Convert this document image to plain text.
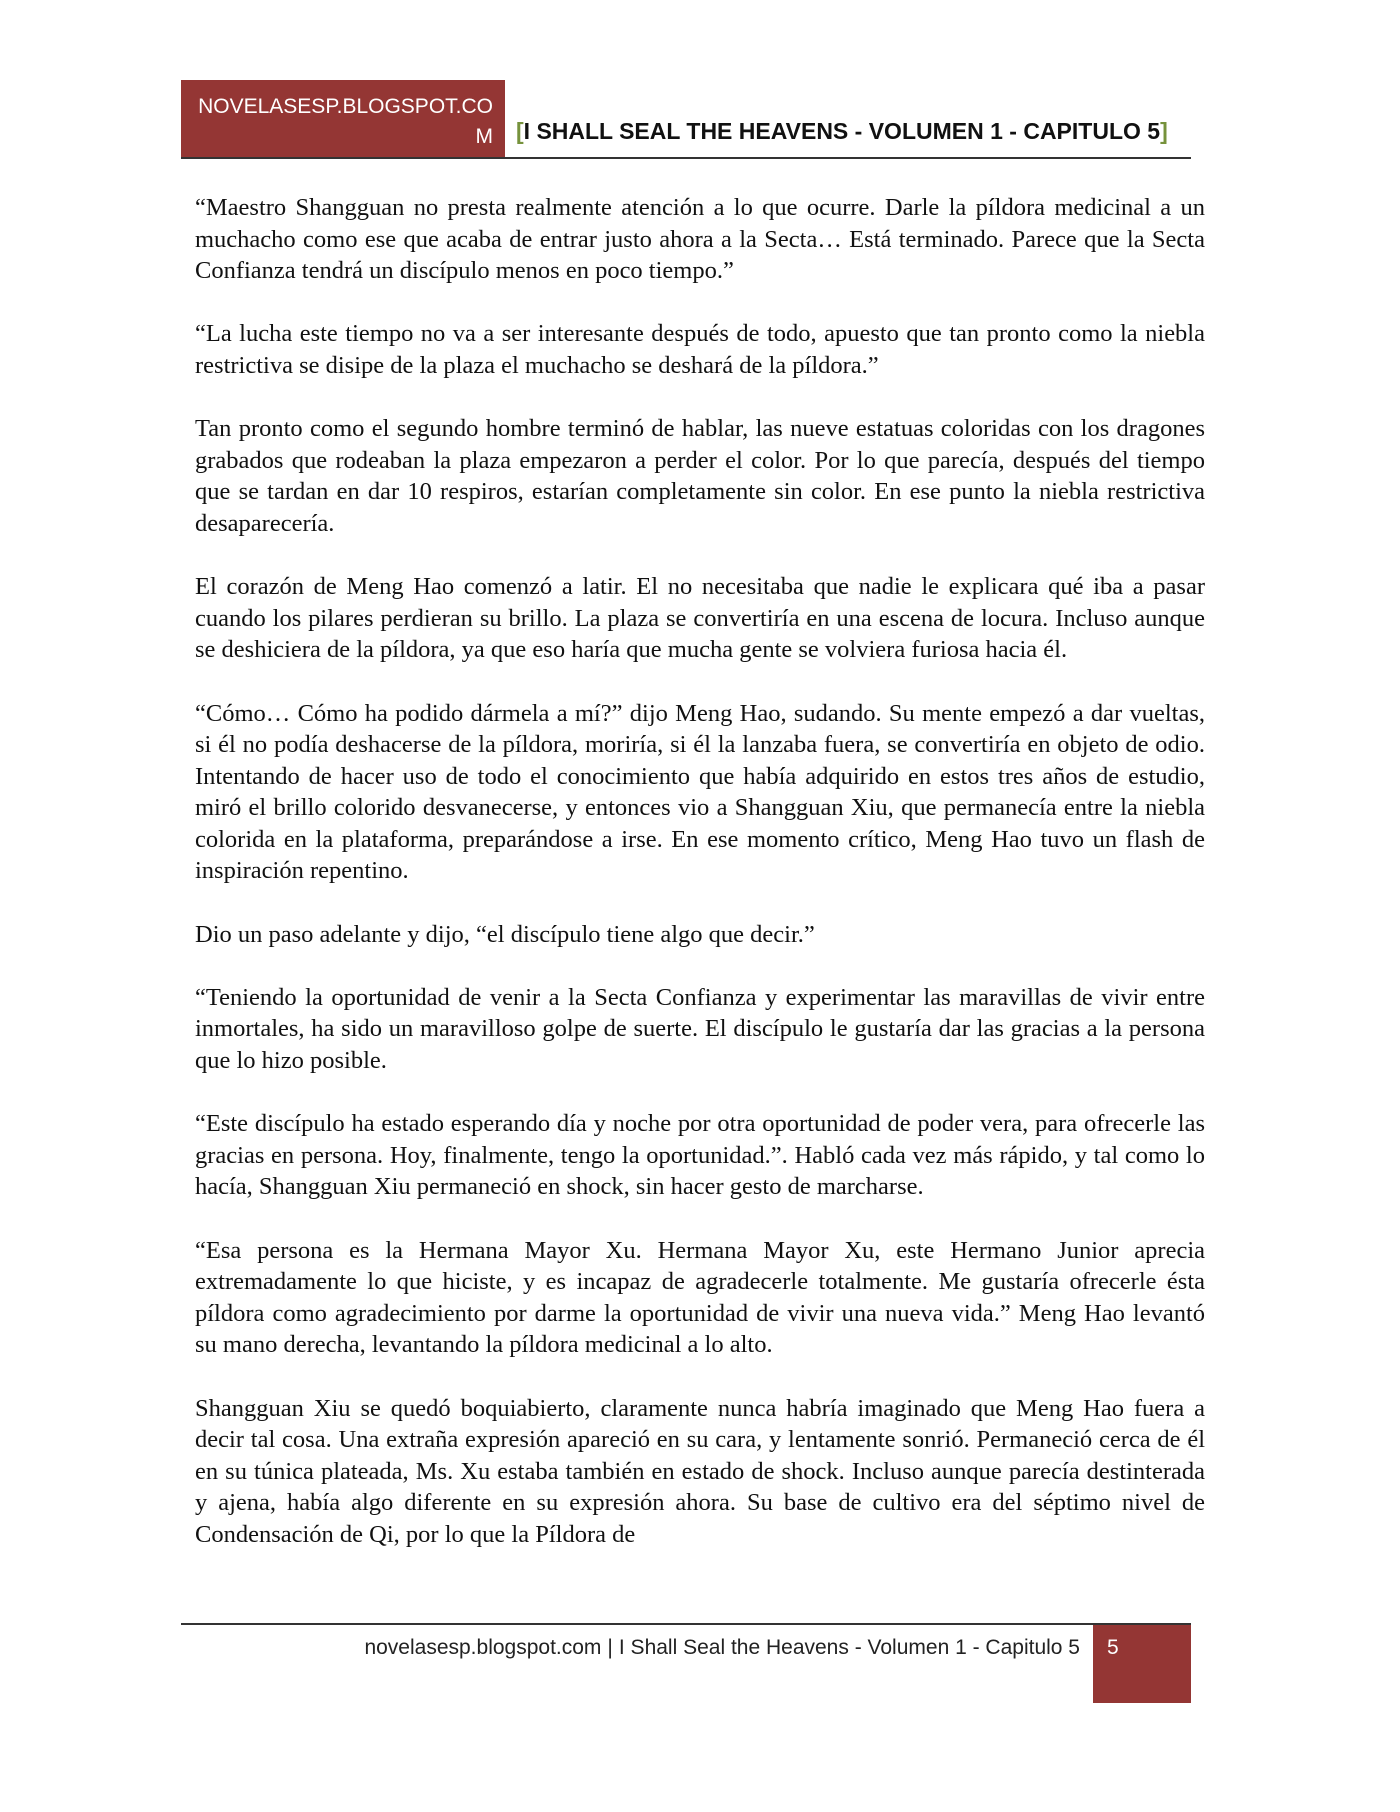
NOVELASESP.BLOGSPOT.COM	[I SHALL SEAL THE HEAVENS - VOLUMEN 1 - CAPITULO 5]

“Maestro Shangguan no presta realmente atención a lo que ocurre. Darle la píldora medicinal a un muchacho como ese que acaba de entrar justo ahora a la Secta… Está terminado. Parece que la Secta Confianza tendrá un discípulo menos en poco tiempo.”

“La lucha este tiempo no va a ser interesante después de todo, apuesto que tan pronto como la niebla restrictiva se disipe de la plaza el muchacho se deshará de la píldora.”

Tan pronto como el segundo hombre terminó de hablar, las nueve estatuas coloridas con los dragones grabados que rodeaban la plaza empezaron a perder el color. Por lo que parecía, después del tiempo que se tardan en dar 10 respiros, estarían completamente sin color. En ese punto la niebla restrictiva desaparecería.

El corazón de Meng Hao comenzó a latir. El no necesitaba que nadie le explicara qué iba a pasar cuando los pilares perdieran su brillo. La plaza se convertiría en una escena de locura. Incluso aunque se deshiciera de la píldora, ya que eso haría que mucha gente se volviera furiosa hacia él.

“Cómo… Cómo ha podido dármela a mí?” dijo Meng Hao, sudando. Su mente empezó a dar vueltas, si él no podía deshacerse de la píldora, moriría, si él la lanzaba fuera, se convertiría en objeto de odio. Intentando de hacer uso de todo el conocimiento que había adquirido en estos tres años de estudio, miró el brillo colorido desvanecerse, y entonces vio a Shangguan Xiu, que permanecía entre la niebla colorida en la plataforma, preparándose a irse. En ese momento crítico, Meng Hao tuvo un flash de inspiración repentino.

Dio un paso adelante y dijo, “el discípulo tiene algo que decir.”

“Teniendo la oportunidad de venir a la Secta Confianza y experimentar las maravillas de vivir entre inmortales, ha sido un maravilloso golpe de suerte. El discípulo le gustaría dar las gracias a la persona que lo hizo posible.

“Este discípulo ha estado esperando día y noche por otra oportunidad de poder vera, para ofrecerle las gracias en persona. Hoy, finalmente, tengo la oportunidad.”. Habló cada vez más rápido, y tal como lo hacía, Shangguan Xiu permaneció en shock, sin hacer gesto de marcharse.

“Esa persona es la Hermana Mayor Xu. Hermana Mayor Xu, este Hermano Junior aprecia extremadamente lo que hiciste, y es incapaz de agradecerle totalmente. Me gustaría ofrecerle ésta píldora como agradecimiento por darme la oportunidad de vivir una nueva vida.” Meng Hao levantó su mano derecha, levantando la píldora medicinal a lo alto.

Shangguan Xiu se quedó boquiabierto, claramente nunca habría imaginado que Meng Hao fuera a decir tal cosa. Una extraña expresión apareció en su cara, y lentamente sonrió. Permaneció cerca de él en su túnica plateada, Ms. Xu estaba también en estado de shock. Incluso aunque parecía destinterada y ajena, había algo diferente en su expresión ahora. Su base de cultivo era del séptimo nivel de Condensación de Qi, por lo que la Píldora de

novelasesp.blogspot.com | I Shall Seal the Heavens - Volumen 1 - Capitulo 5	5
